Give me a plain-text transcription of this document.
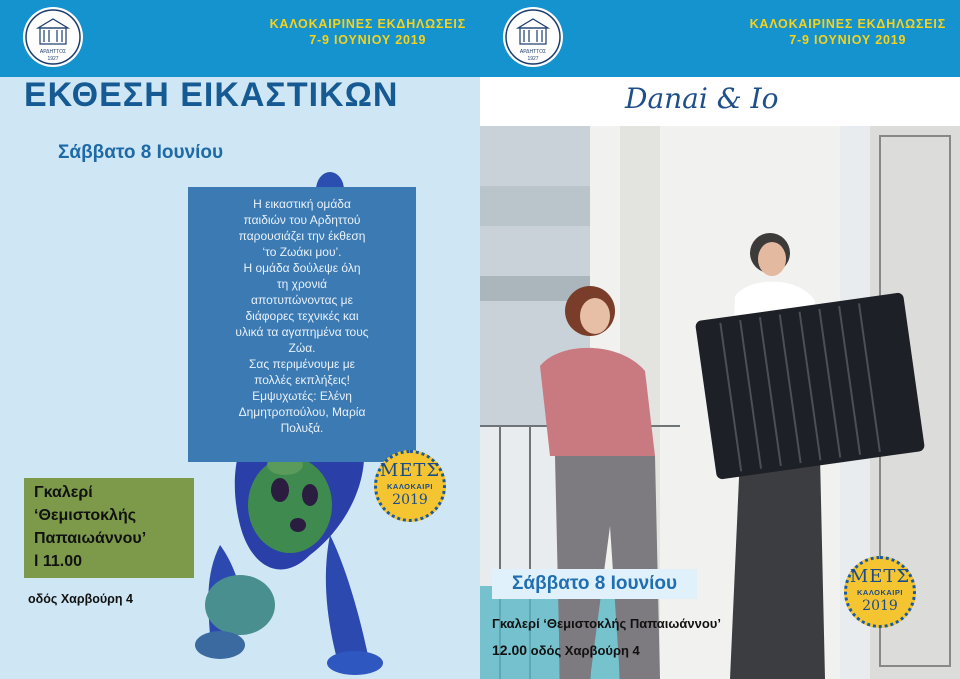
ΑΡΔΗΤΤΟΣ
1927
ΚΑΛΟΚΑΙΡΙΝΕΣ ΕΚΔΗΛΩΣΕΙΣ
7-9 ΙΟΥΝΙΟΥ 2019
ΕΚΘΕΣΗ ΕΙΚΑΣΤΙΚΩΝ
Σάββατο 8 Ιουνίου

Η εικαστική ομάδα
παιδιών του Αρδηττού
παρουσιάζει την έκθεση
‘το Ζωάκι μου’.
Η ομάδα δούλεψε όλη
τη χρονιά
αποτυπώνοντας με
διάφορες τεχνικές και
υλικά τα αγαπημένα τους
Ζώα.
Σας περιμένουμε με
πολλές εκπλήξεις!
Εμψυχωτές: Ελένη
Δημητροπούλου, Μαρία
Πολυξά.

Γκαλερί
‘Θεμιστοκλής
Παπαιωάννου’
l 11.00
οδός Χαρβούρη 4
ΜΕΤΣ
ΚΑΛΟΚΑΙΡΙ
2019
ΑΡΔΗΤΤΟΣ
1927
ΚΑΛΟΚΑΙΡΙΝΕΣ ΕΚΔΗΛΩΣΕΙΣ
7-9 ΙΟΥΝΙΟΥ 2019
Danai & Io
Σάββατο 8 Ιουνίου
Γκαλερί ‘Θεμιστοκλής Παπαιωάννου’
12.00 οδός Χαρβούρη 4
ΜΕΤΣ
ΚΑΛΟΚΑΙΡΙ
2019
